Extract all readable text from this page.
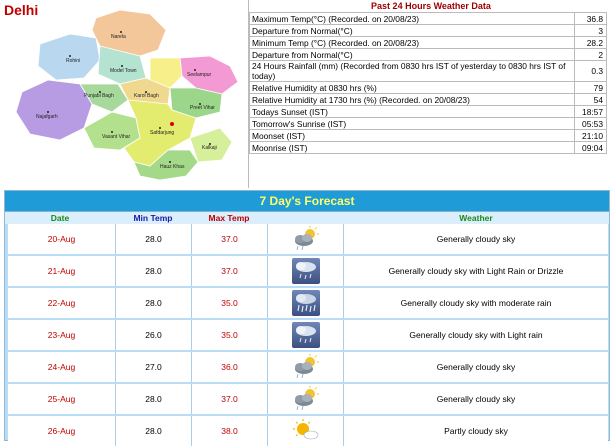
Narela
Rohini
Model Town
Seelampur
Punjabi Bagh	Karol Bagh
Preet Vihar
Najafgarh
Vasant Vihar
Safdarjung
Kalkaji
Hauz Khas
Delhi	Past 24 Hours Weather Data
Maximum Temp(°C) (Recorded. on 20/08/23)	36.8
Departure from Normal(°C)	3
Minimum Temp (°C) (Recorded. on 20/08/23)	28.2
Departure from Normal(°C)	2
24 Hours Rainfall (mm) (Recorded from 0830 hrs IST of yesterday to 0830 hrs IST of today)	0.3
Relative Humidity at 0830 hrs (%)	79
Relative Humidity at 1730 hrs (%) (Recorded. on 20/08/23)	54
Todays Sunset (IST)	18:57
Tomorrow's Sunrise (IST)	05:53
Moonset (IST)	21:10
Moonrise (IST)	09:04
7 Day's Forecast
Date	Min Temp	Max Temp	Weather
20-Aug	28.0	37.0	Generally cloudy sky
21-Aug	28.0	37.0	Generally cloudy sky with Light Rain or Drizzle
22-Aug	28.0	35.0	Generally cloudy sky with moderate rain
23-Aug	26.0	35.0	Generally cloudy sky with Light rain
24-Aug	27.0	36.0	Generally cloudy sky
25-Aug	28.0	37.0	Generally cloudy sky
26-Aug	28.0	38.0	Partly cloudy sky
